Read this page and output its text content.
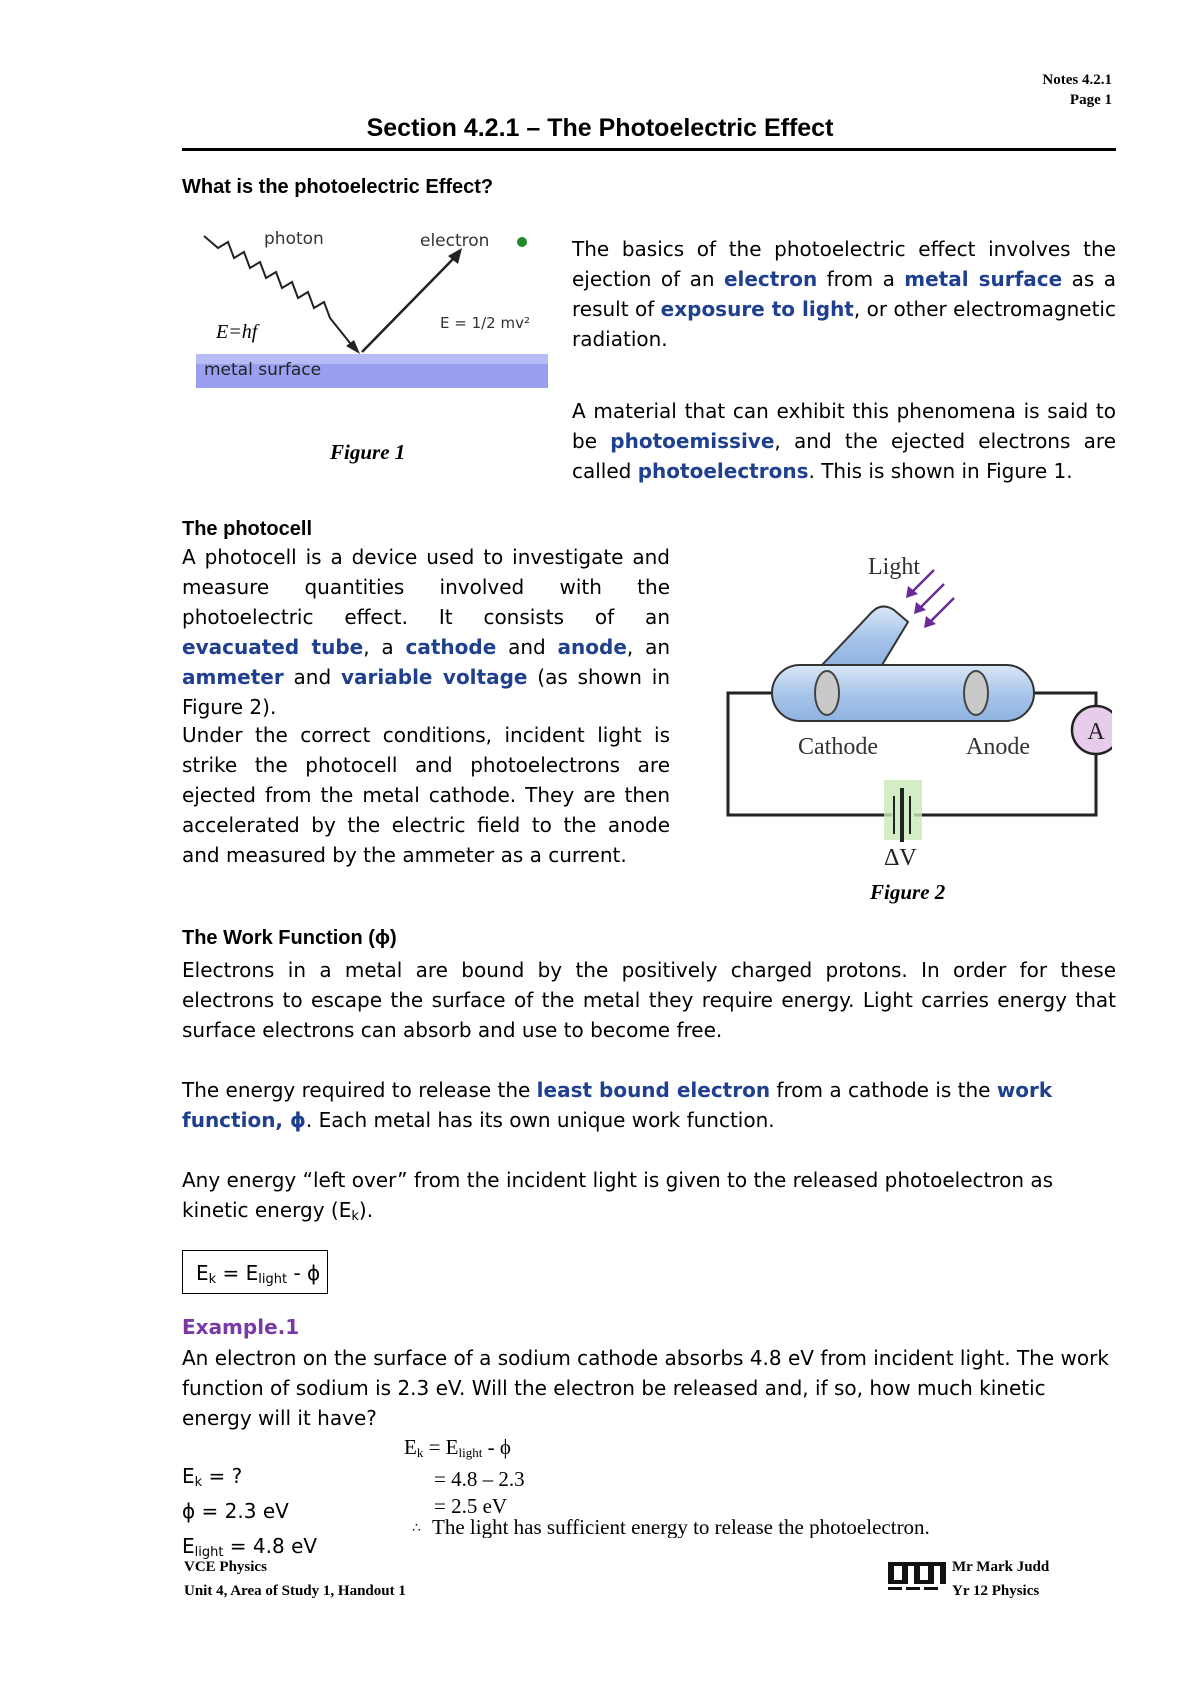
Notes 4.2.1
Page 1
Section 4.2.1 – The Photoelectric Effect
What is the photoelectric Effect?
metal surface
photon	electron
E=hf	E = 1/2 mv²
Figure 1

The basics of the photoelectric effect involves the ejection of an electron from a metal surface as a result of exposure to light, or other electromagnetic radiation.

A material that can exhibit this phenomena is said to be photoemissive, and the ejected electrons are called photoelectrons. This is shown in Figure 1.

The photocell

A photocell is a device used to investigate and measure quantities involved with the photoelectric effect. It consists of an evacuated tube, a cathode and anode, an ammeter and variable voltage (as shown in Figure 2).

Under the correct conditions, incident light is strike the photocell and photoelectrons are ejected from the metal cathode. They are then accelerated by the electric field to the anode and measured by the ammeter as a current.
Light
Cathode	Anode
A
ΔV
Figure 2
The Work Function (ϕ)
Electrons in a metal are bound by the positively charged protons. In order for these electrons to escape the surface of the metal they require energy. Light carries energy that surface electrons can absorb and use to become free.

The energy required to release the least bound electron from a cathode is the work function, ϕ. Each metal has its own unique work function.

Any energy “left over” from the incident light is given to the released photoelectron as kinetic energy $(E_k)$.

$E_k = E_{light} - \phi$
Example.1
An electron on the surface of a sodium cathode absorbs 4.8 eV from incident light. The work function of sodium is 2.3 eV. Will the electron be released and, if so, how much kinetic energy will it have?
$E_k$ = ?
ϕ = 2.3 eV
$E_{light} = 4.8$ eV
$E_k = E_{light} - \phi$
= 4.8 – 2.3
= 2.5 eV
∴ The light has sufficient energy to release the photoelectron.
VCE Physics
Unit 4, Area of Study 1, Handout 1
Mr Mark Judd
Yr 12 Physics
